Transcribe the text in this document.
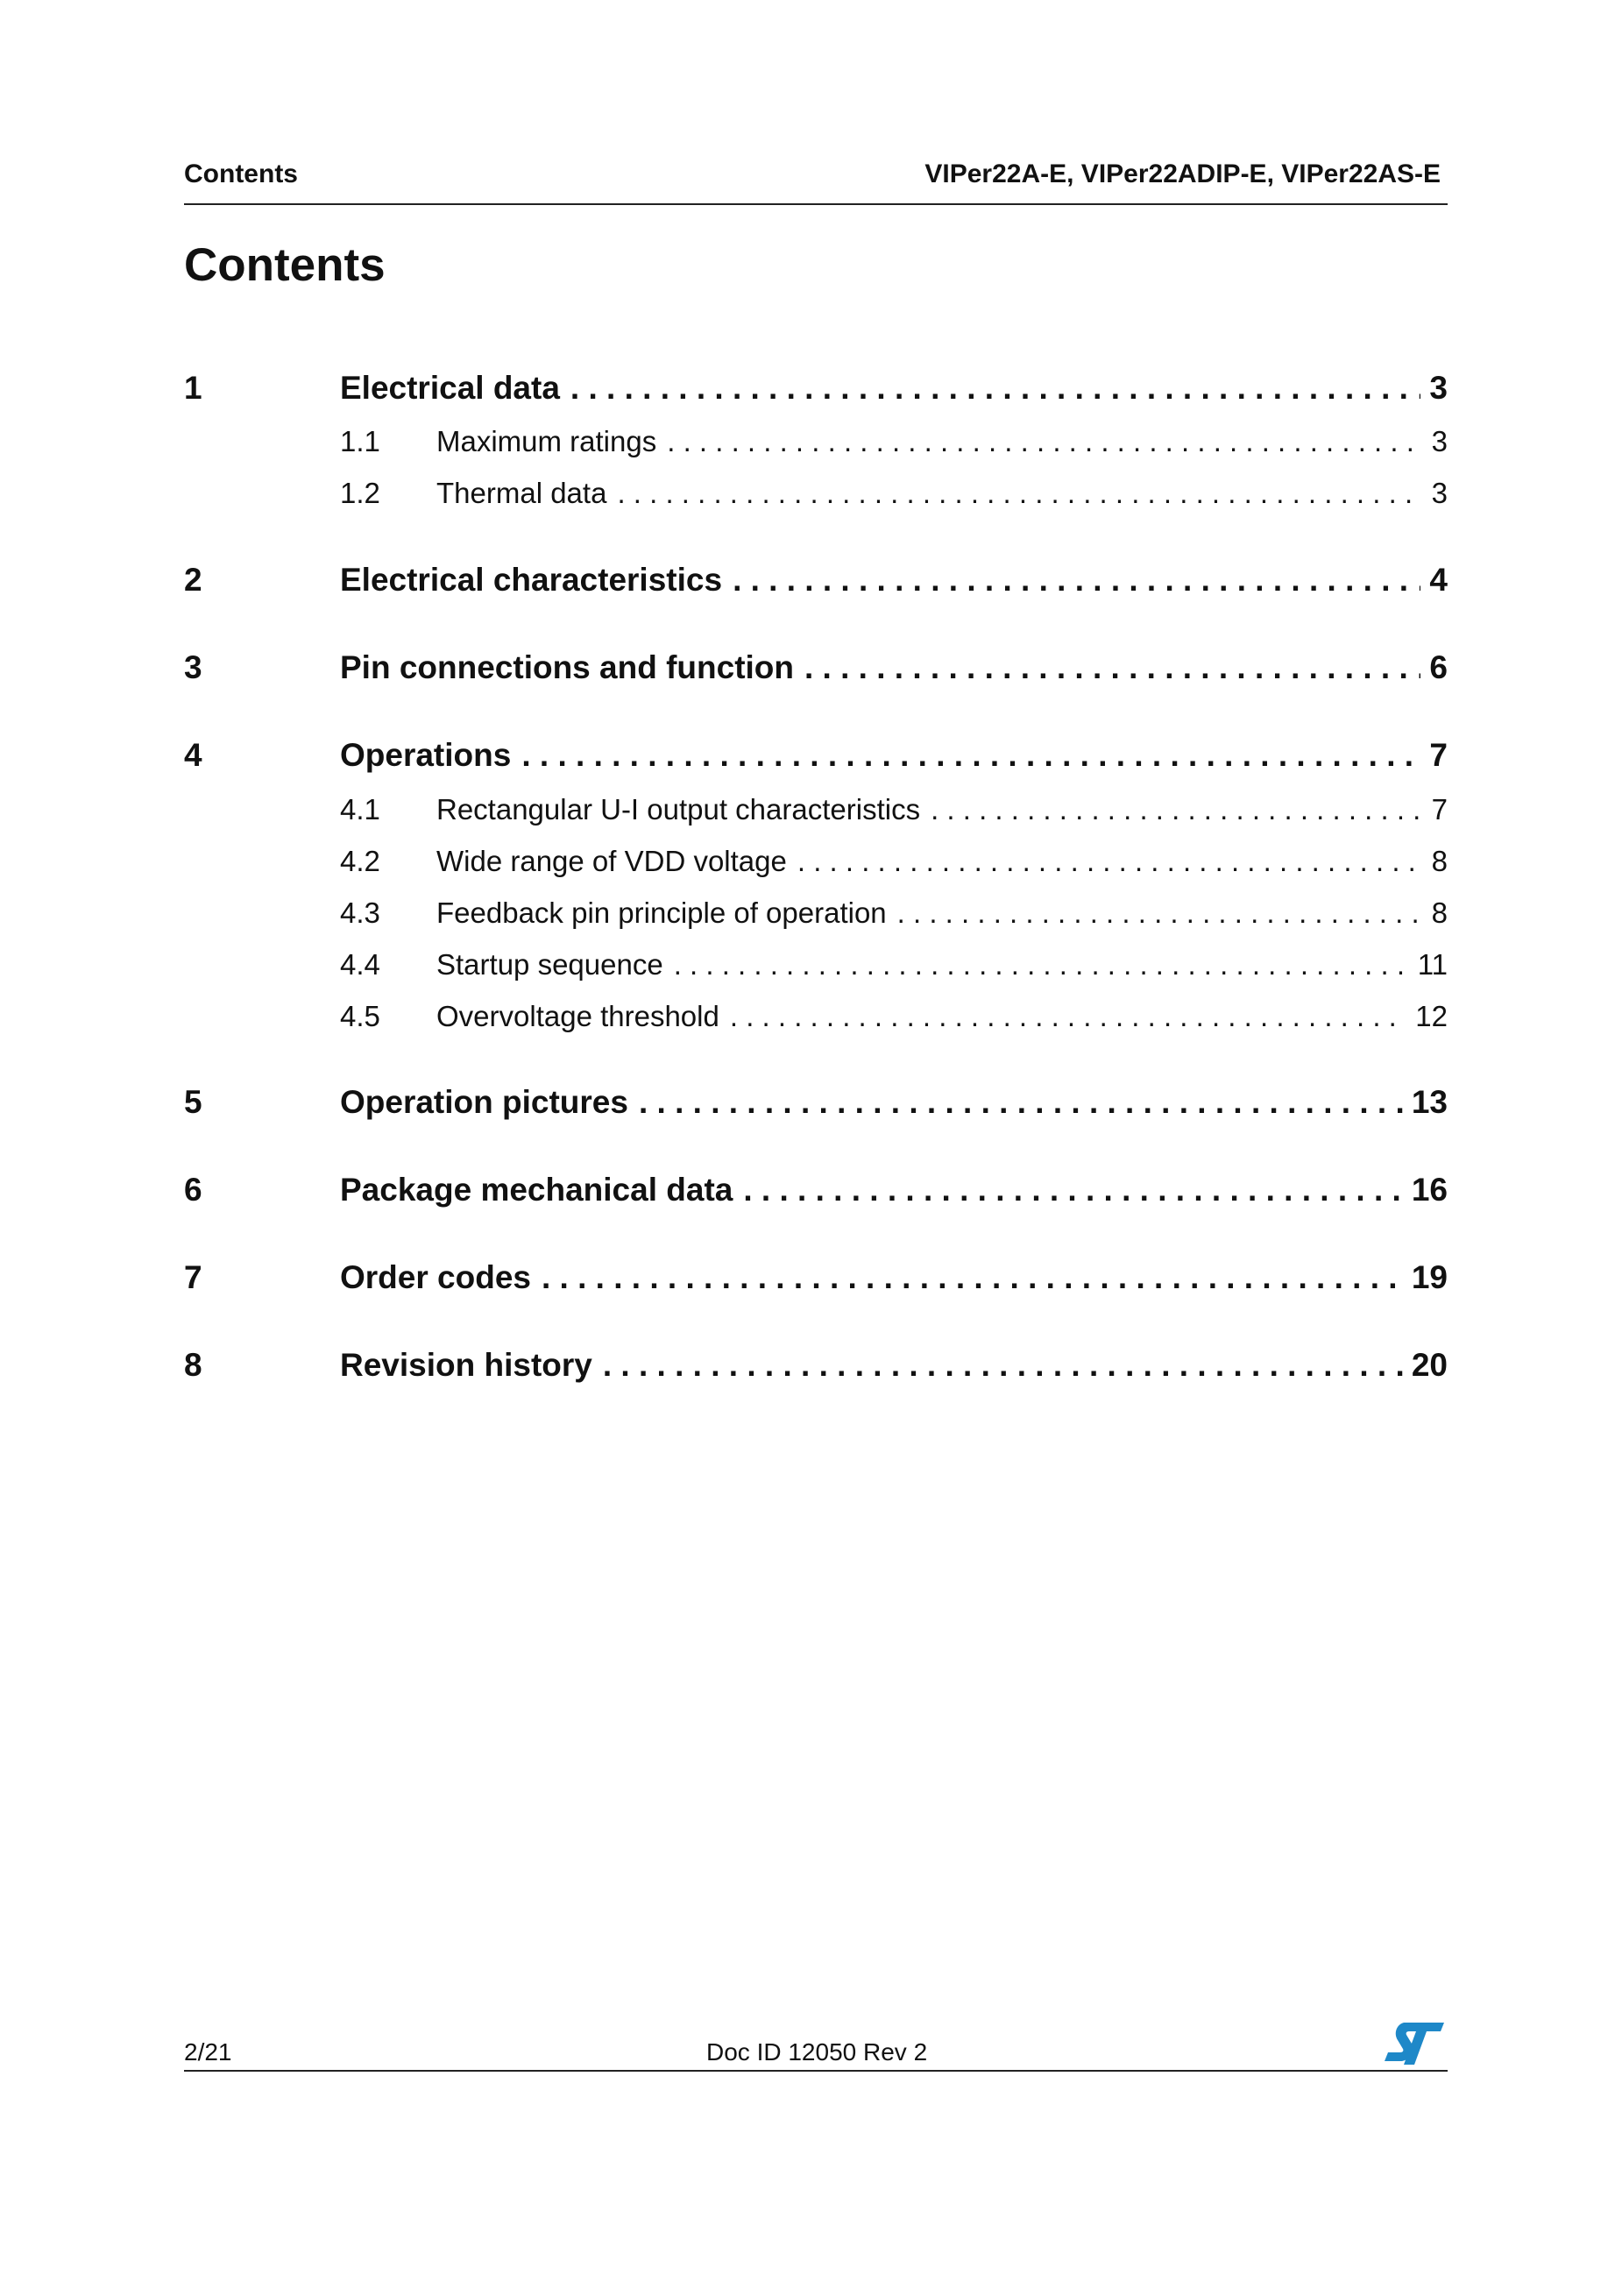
Contents	VIPer22A-E, VIPer22ADIP-E, VIPer22AS-E
Contents
1	Electrical data . . .	3
1.1	Maximum ratings . . .	3
1.2	Thermal data . . .	3
2	Electrical characteristics . . .	4
3	Pin connections and function . . .	6
4	Operations . . .	7
4.1	Rectangular U-I output characteristics . . .	7
4.2	Wide range of VDD voltage . . .	8
4.3	Feedback pin principle of operation . . .	8
4.4	Startup sequence . . .	11
4.5	Overvoltage threshold . . .	12
5	Operation pictures . . .	13
6	Package mechanical data . . .	16
7	Order codes . . .	19
8	Revision history . . .	20
2/21	Doc ID 12050 Rev 2
